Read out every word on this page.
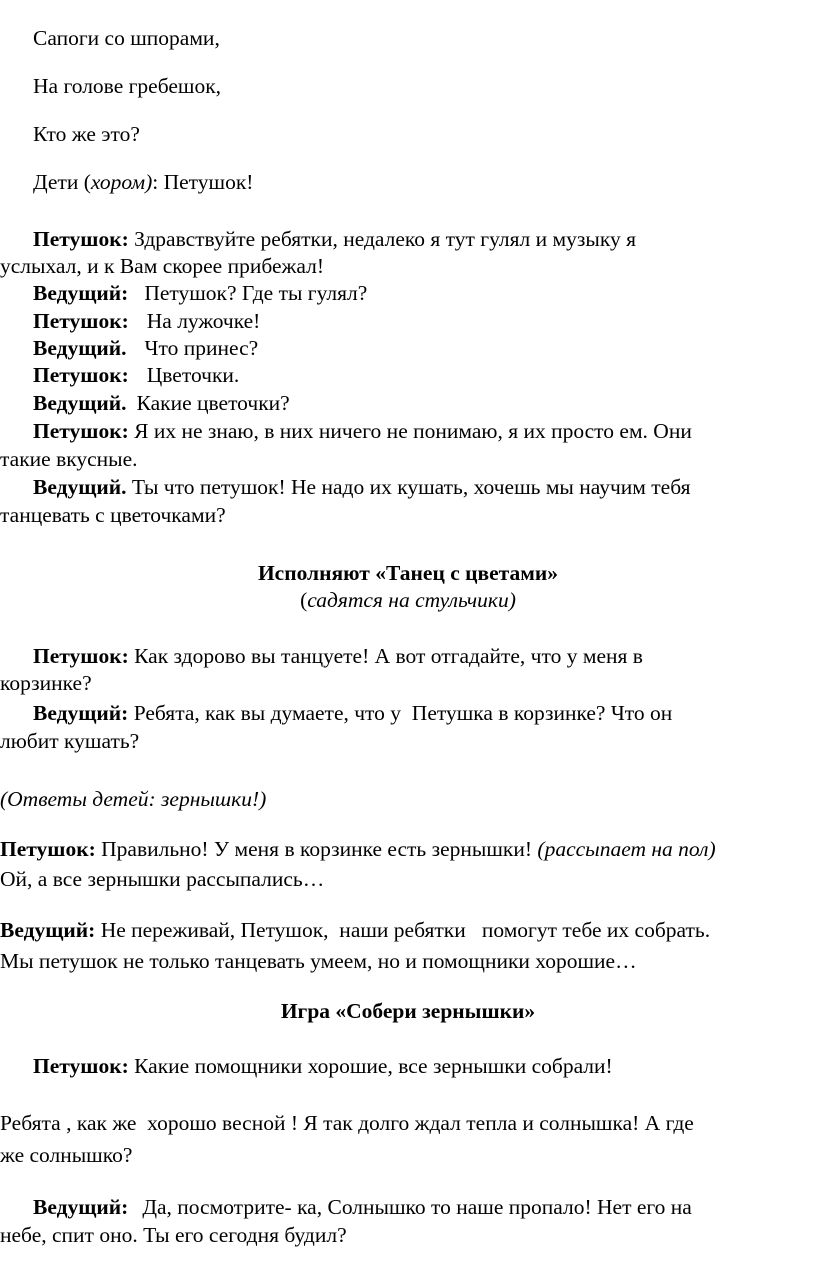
Сапоги со шпорами,
На голове гребешок,
Кто же это?
Дети (хором): Петушок!
Петушок: Здравствуйте ребятки, недалеко я тут гулял и музыку я
услыхал, и к Вам скорее прибежал!
Ведущий: Петушок? Где ты гулял?
Петушок: На лужочке!
Ведущий. Что принес?
Петушок: Цветочки.
Ведущий. Какие цветочки?
Петушок: Я их не знаю, в них ничего не понимаю, я их просто ем. Они
такие вкусные.
Ведущий. Ты что петушок! Не надо их кушать, хочешь мы научим тебя
танцевать с цветочками?
Исполняют «Танец с цветами»
(садятся на стульчики)
Петушок: Как здорово вы танцуете! А вот отгадайте, что у меня в
корзинке?
Ведущий: Ребята, как вы думаете, что у  Петушка в корзинке? Что он
любит кушать?
(Ответы детей: зернышки!)
Петушок: Правильно! У меня в корзинке есть зернышки! (рассыпает на пол)
Ой, а все зернышки рассыпались…
Ведущий: Не переживай, Петушок,  наши ребятки   помогут тебе их собрать.
Мы петушок не только танцевать умеем, но и помощники хорошие…
Игра «Собери зернышки»
Петушок: Какие помощники хорошие, все зернышки собрали!
Ребята , как же  хорошо весной ! Я так долго ждал тепла и солнышка! А где
же солнышко?
Ведущий: Да, посмотрите- ка, Солнышко то наше пропало! Нет его на
небе, спит оно. Ты его сегодня будил?
